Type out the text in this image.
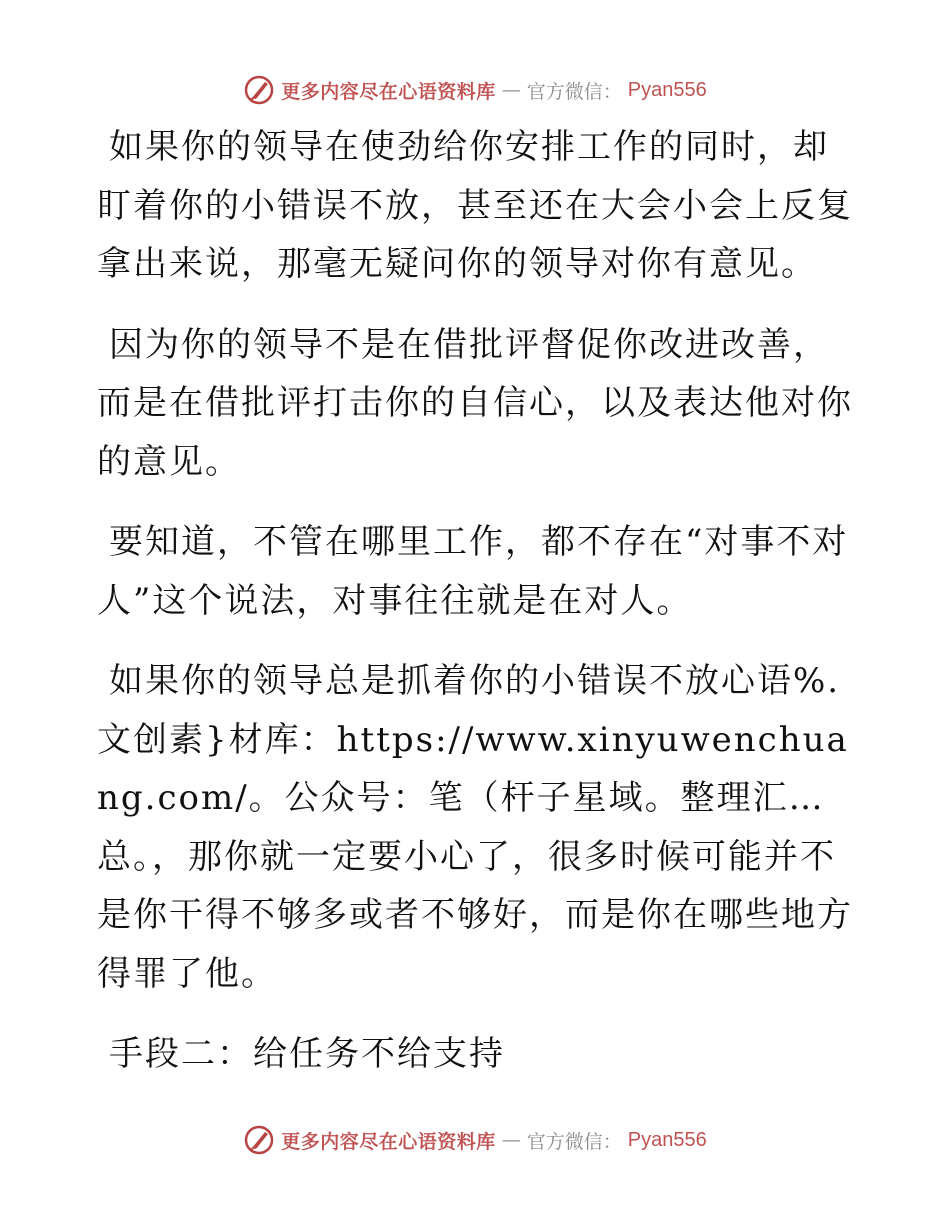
更多内容尽在心语资料库 — 官方微信： Pyan556

如果你的领导在使劲给你安排工作的同时，却盯着你的小错误不放，甚至还在大会小会上反复拿出来说，那毫无疑问你的领导对你有意见。

因为你的领导不是在借批评督促你改进改善，而是在借批评打击你的自信心，以及表达他对你的意见。

要知道，不管在哪里工作，都不存在“对事不对人”这个说法，对事往往就是在对人。

如果你的领导总是抓着你的小错误不放心语%.文创素}材库：https://www.xinyuwenchuang.com/。公众号：笔（杆子星域。整理汇…总。，那你就一定要小心了，很多时候可能并不是你干得不够多或者不够好，而是你在哪些地方得罪了他。

手段二：给任务不给支持

更多内容尽在心语资料库 — 官方微信： Pyan556
